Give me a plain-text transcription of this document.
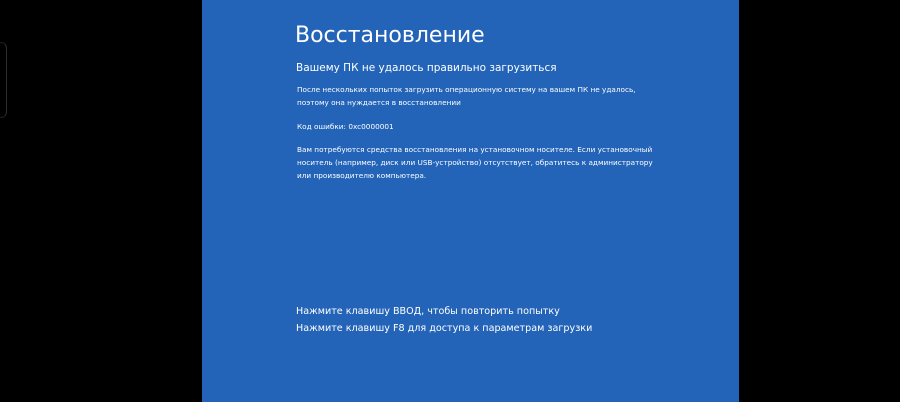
Восстановление

Вашему ПК не удалось правильно загрузиться

После нескольких попыток загрузить операционную систему на вашем ПК не удалось,
поэтому она нуждается в восстановлении
Код ошибки: 0xc0000001
Вам потребуются средства восстановления на установочном носителе. Если установочный
носитель (например, диск или USB-устройство) отсутствует, обратитесь к администратору
или производителю компьютера.
Нажмите клавишу ВВОД, чтобы повторить попытку
Нажмите клавишу F8 для доступа к параметрам загрузки
